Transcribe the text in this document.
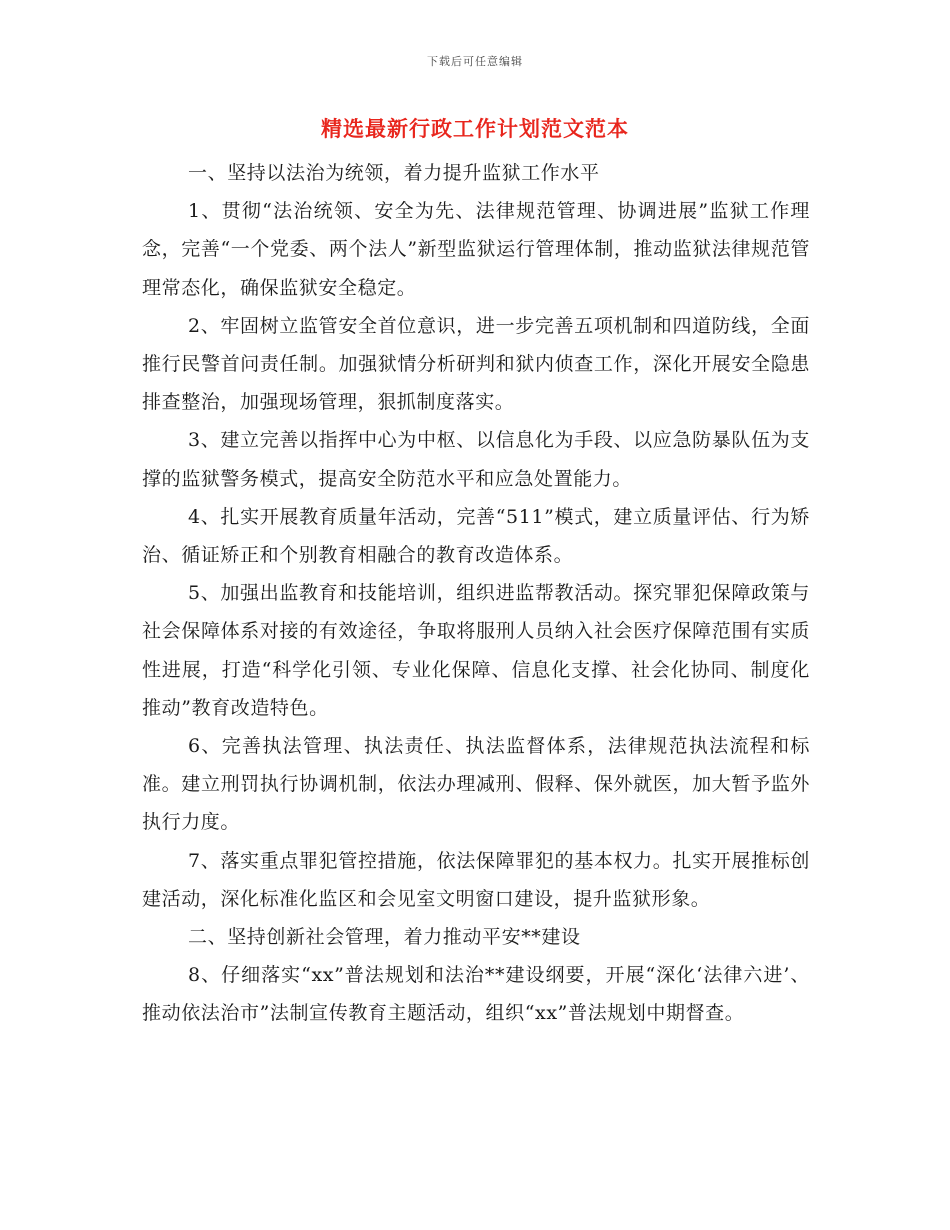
下载后可任意编辑
精选最新行政工作计划范文范本

一、坚持以法治为统领，着力提升监狱工作水平

1、贯彻“法治统领、安全为先、法律规范管理、协调进展”监狱工作理念，完善“一个党委、两个法人”新型监狱运行管理体制，推动监狱法律规范管理常态化，确保监狱安全稳定。

2、牢固树立监管安全首位意识，进一步完善五项机制和四道防线，全面推行民警首问责任制。加强狱情分析研判和狱内侦查工作，深化开展安全隐患排查整治，加强现场管理，狠抓制度落实。

3、建立完善以指挥中心为中枢、以信息化为手段、以应急防暴队伍为支撑的监狱警务模式，提高安全防范水平和应急处置能力。

4、扎实开展教育质量年活动，完善“511”模式，建立质量评估、行为矫治、循证矫正和个别教育相融合的教育改造体系。

5、加强出监教育和技能培训，组织进监帮教活动。探究罪犯保障政策与社会保障体系对接的有效途径，争取将服刑人员纳入社会医疗保障范围有实质性进展，打造“科学化引领、专业化保障、信息化支撑、社会化协同、制度化推动”教育改造特色。

6、完善执法管理、执法责任、执法监督体系，法律规范执法流程和标准。建立刑罚执行协调机制，依法办理减刑、假释、保外就医，加大暂予监外执行力度。

7、落实重点罪犯管控措施，依法保障罪犯的基本权力。扎实开展推标创建活动，深化标准化监区和会见室文明窗口建设，提升监狱形象。

二、坚持创新社会管理，着力推动平安**建设

8、仔细落实“xx”普法规划和法治**建设纲要，开展“深化‘法律六进’、推动依法治市”法制宣传教育主题活动，组织“xx”普法规划中期督查。
